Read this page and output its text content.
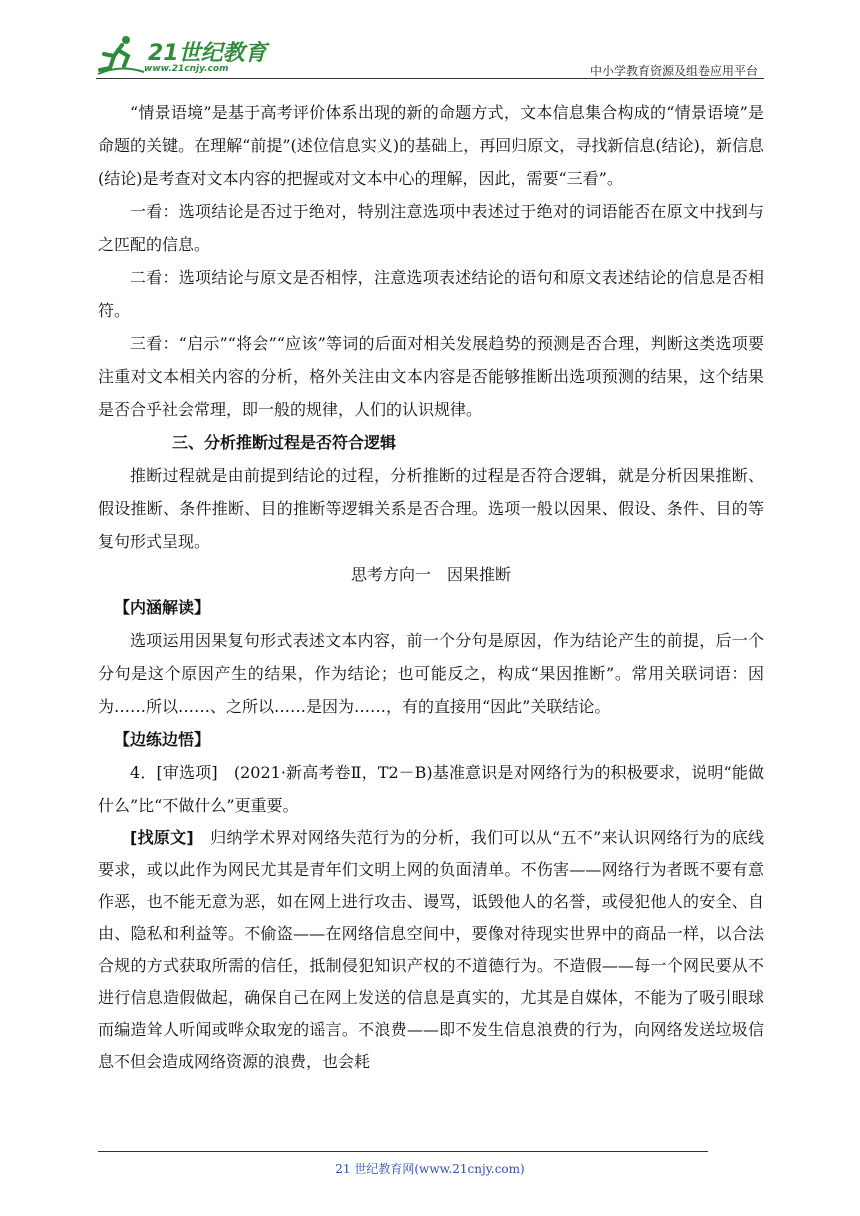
21世纪教育
www.21cnjy.com	中小学教育资源及组卷应用平台

“情景语境”是基于高考评价体系出现的新的命题方式，文本信息集合构成的“情景语境”是命题的关键。在理解“前提”(述位信息实义)的基础上，再回归原文，寻找新信息(结论)，新信息(结论)是考查对文本内容的把握或对文本中心的理解，因此，需要“三看”。

一看：选项结论是否过于绝对，特别注意选项中表述过于绝对的词语能否在原文中找到与之匹配的信息。

二看：选项结论与原文是否相悖，注意选项表述结论的语句和原文表述结论的信息是否相符。

三看：“启示”“将会”“应该”等词的后面对相关发展趋势的预测是否合理，判断这类选项要注重对文本相关内容的分析，格外关注由文本内容是否能够推断出选项预测的结果，这个结果是否合乎社会常理，即一般的规律，人们的认识规律。

三、分析推断过程是否符合逻辑

推断过程就是由前提到结论的过程，分析推断的过程是否符合逻辑，就是分析因果推断、假设推断、条件推断、目的推断等逻辑关系是否合理。选项一般以因果、假设、条件、目的等复句形式呈现。

思考方向一　因果推断

【内涵解读】

选项运用因果复句形式表述文本内容，前一个分句是原因，作为结论产生的前提，后一个分句是这个原因产生的结果，作为结论；也可能反之，构成“果因推断”。常用关联词语：因为……所以……、之所以……是因为……，有的直接用“因此”关联结论。

【边练边悟】

4．[审选项]　(2021·新高考卷Ⅱ，T2－B)基准意识是对网络行为的积极要求，说明“能做什么”比“不做什么”更重要。

[找原文]　归纳学术界对网络失范行为的分析，我们可以从“五不”来认识网络行为的底线要求，或以此作为网民尤其是青年们文明上网的负面清单。不伤害——网络行为者既不要有意作恶，也不能无意为恶，如在网上进行攻击、谩骂，诋毁他人的名誉，或侵犯他人的安全、自由、隐私和利益等。不偷盗——在网络信息空间中，要像对待现实世界中的商品一样，以合法合规的方式获取所需的信任，抵制侵犯知识产权的不道德行为。不造假——每一个网民要从不进行信息造假做起，确保自己在网上发送的信息是真实的，尤其是自媒体，不能为了吸引眼球而编造耸人听闻或哗众取宠的谣言。不浪费——即不发生信息浪费的行为，向网络发送垃圾信息不但会造成网络资源的浪费，也会耗

21 世纪教育网(www.21cnjy.com)
